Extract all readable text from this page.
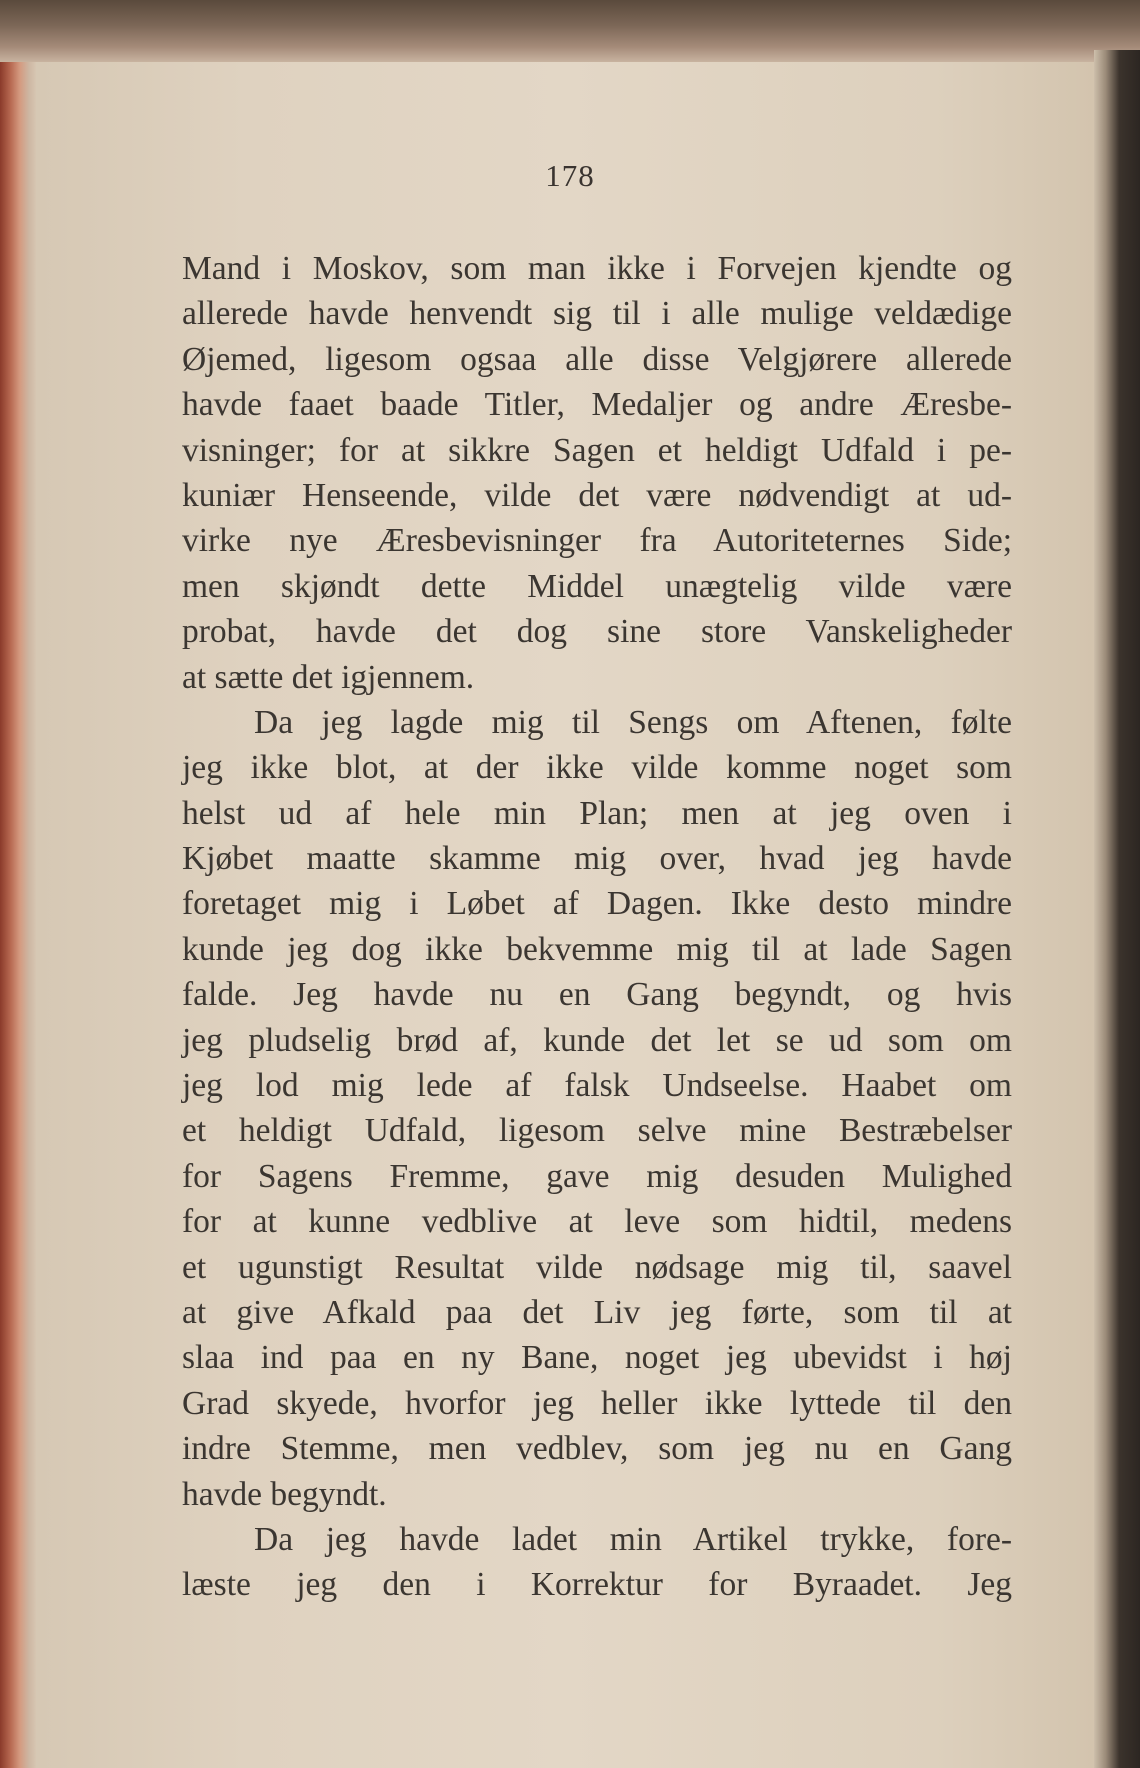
178
Mand i Moskov, som man ikke i Forvejen kjendte og
allerede havde henvendt sig til i alle mulige veldædige
Øjemed, ligesom ogsaa alle disse Velgjørere allerede
havde faaet baade Titler, Medaljer og andre Æresbe-
visninger; for at sikkre Sagen et heldigt Udfald i pe-
kuniær Henseende, vilde det være nødvendigt at ud-
virke nye Æresbevisninger fra Autoriteternes Side;
men skjøndt dette Middel unægtelig vilde være
probat, havde det dog sine store Vanskeligheder
at sætte det igjennem.
Da jeg lagde mig til Sengs om Aftenen, følte
jeg ikke blot, at der ikke vilde komme noget som
helst ud af hele min Plan; men at jeg oven i
Kjøbet maatte skamme mig over, hvad jeg havde
foretaget mig i Løbet af Dagen. Ikke desto mindre
kunde jeg dog ikke bekvemme mig til at lade Sagen
falde. Jeg havde nu en Gang begyndt, og hvis
jeg pludselig brød af, kunde det let se ud som om
jeg lod mig lede af falsk Undseelse. Haabet om
et heldigt Udfald, ligesom selve mine Bestræbelser
for Sagens Fremme, gave mig desuden Mulighed
for at kunne vedblive at leve som hidtil, medens
et ugunstigt Resultat vilde nødsage mig til, saavel
at give Afkald paa det Liv jeg førte, som til at
slaa ind paa en ny Bane, noget jeg ubevidst i høj
Grad skyede, hvorfor jeg heller ikke lyttede til den
indre Stemme, men vedblev, som jeg nu en Gang
havde begyndt.
Da jeg havde ladet min Artikel trykke, fore-
læste jeg den i Korrektur for Byraadet. Jeg
